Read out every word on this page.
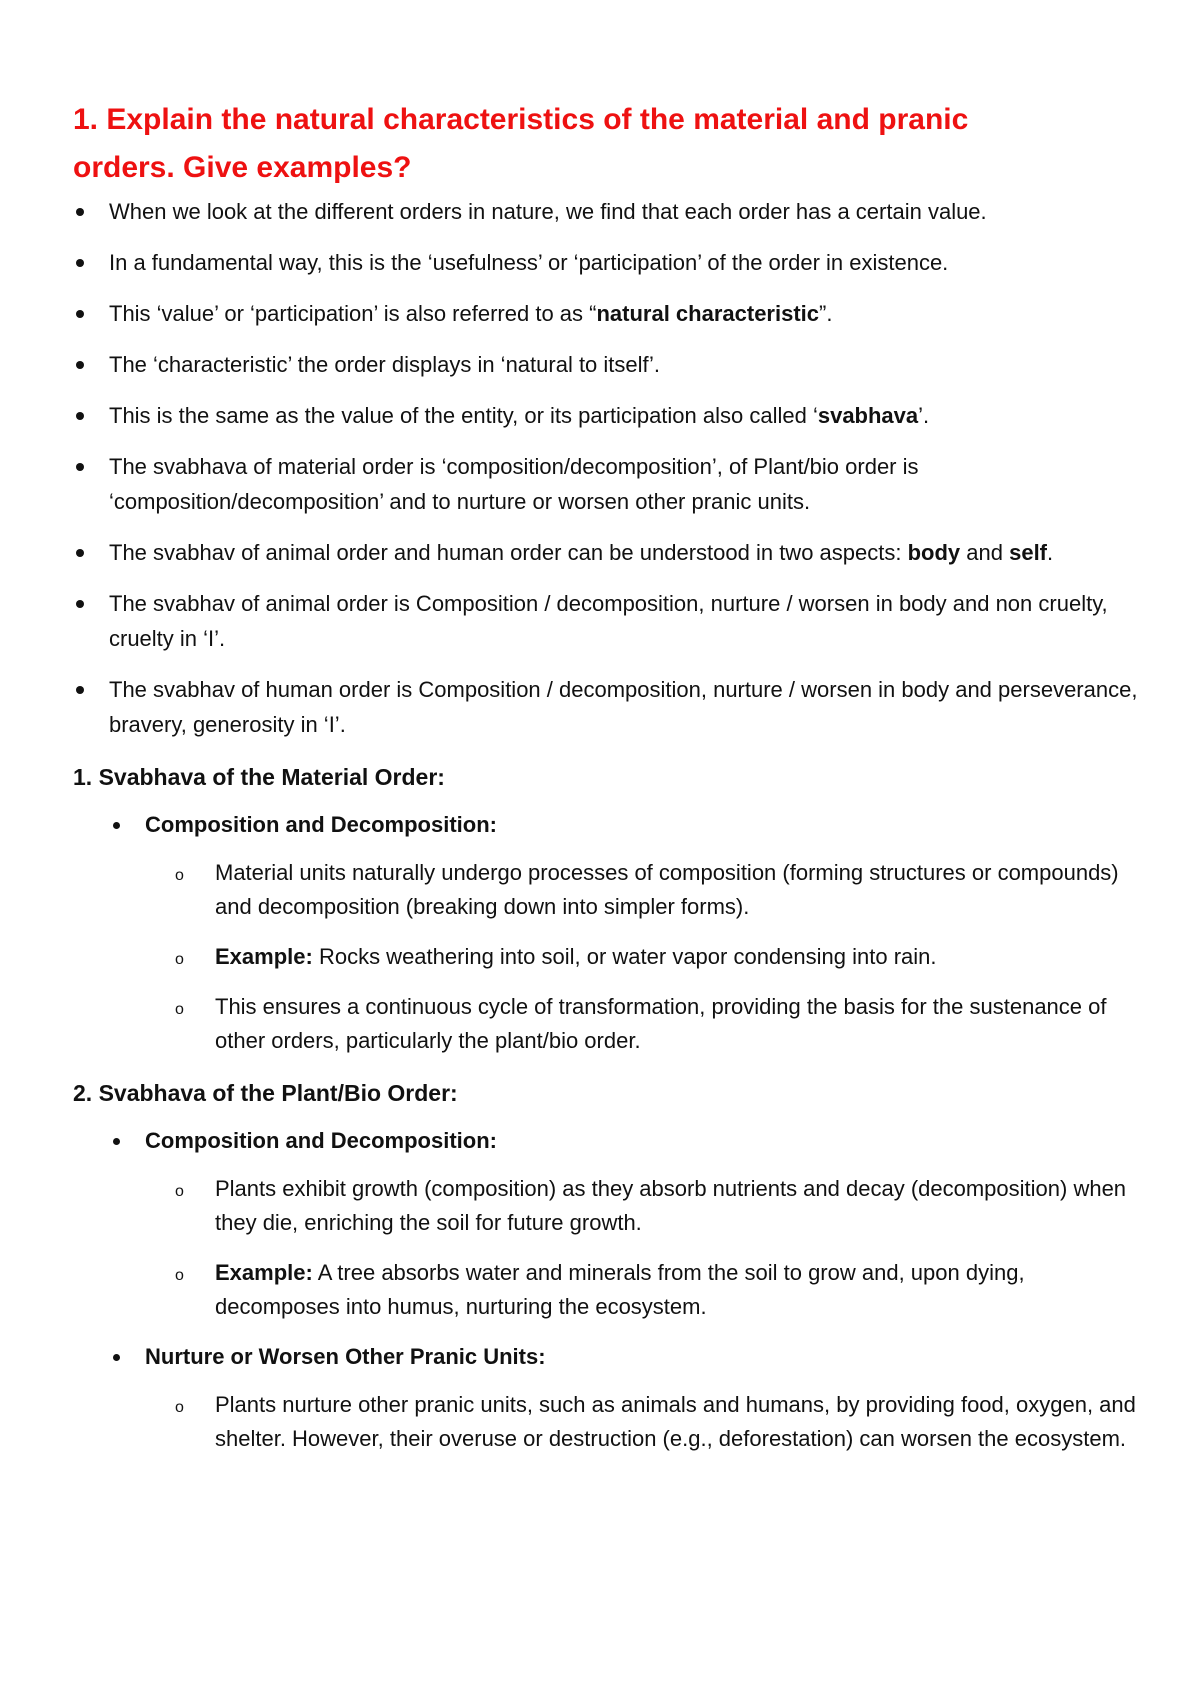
1. Explain the natural characteristics of the material and pranic
orders. Give examples?
When we look at the different orders in nature, we find that each order has a certain value.
In a fundamental way, this is the ‘usefulness’ or ‘participation’ of the order in existence.
This ‘value’ or ‘participation’ is also referred to as “natural characteristic”.
The ‘characteristic’ the order displays in ‘natural to itself’.
This is the same as the value of the entity, or its participation also called ‘svabhava’.
The svabhava of material order is ‘composition/decomposition’, of Plant/bio order is ‘composition/decomposition’ and to nurture or worsen other pranic units.
The svabhav of animal order and human order can be understood in two aspects: body and self.
The svabhav of animal order is Composition / decomposition, nurture / worsen in body and non cruelty, cruelty in ‘I’.
The svabhav of human order is Composition / decomposition, nurture / worsen in body and perseverance, bravery, generosity in ‘I’.
1. Svabhava of the Material Order:
Composition and Decomposition:
o Material units naturally undergo processes of composition (forming structures or compounds) and decomposition (breaking down into simpler forms).
o Example: Rocks weathering into soil, or water vapor condensing into rain.
o This ensures a continuous cycle of transformation, providing the basis for the sustenance of other orders, particularly the plant/bio order.
2. Svabhava of the Plant/Bio Order:
Composition and Decomposition:
o Plants exhibit growth (composition) as they absorb nutrients and decay (decomposition) when they die, enriching the soil for future growth.
o Example: A tree absorbs water and minerals from the soil to grow and, upon dying, decomposes into humus, nurturing the ecosystem.
Nurture or Worsen Other Pranic Units:
o Plants nurture other pranic units, such as animals and humans, by providing food, oxygen, and shelter. However, their overuse or destruction (e.g., deforestation) can worsen the ecosystem.
